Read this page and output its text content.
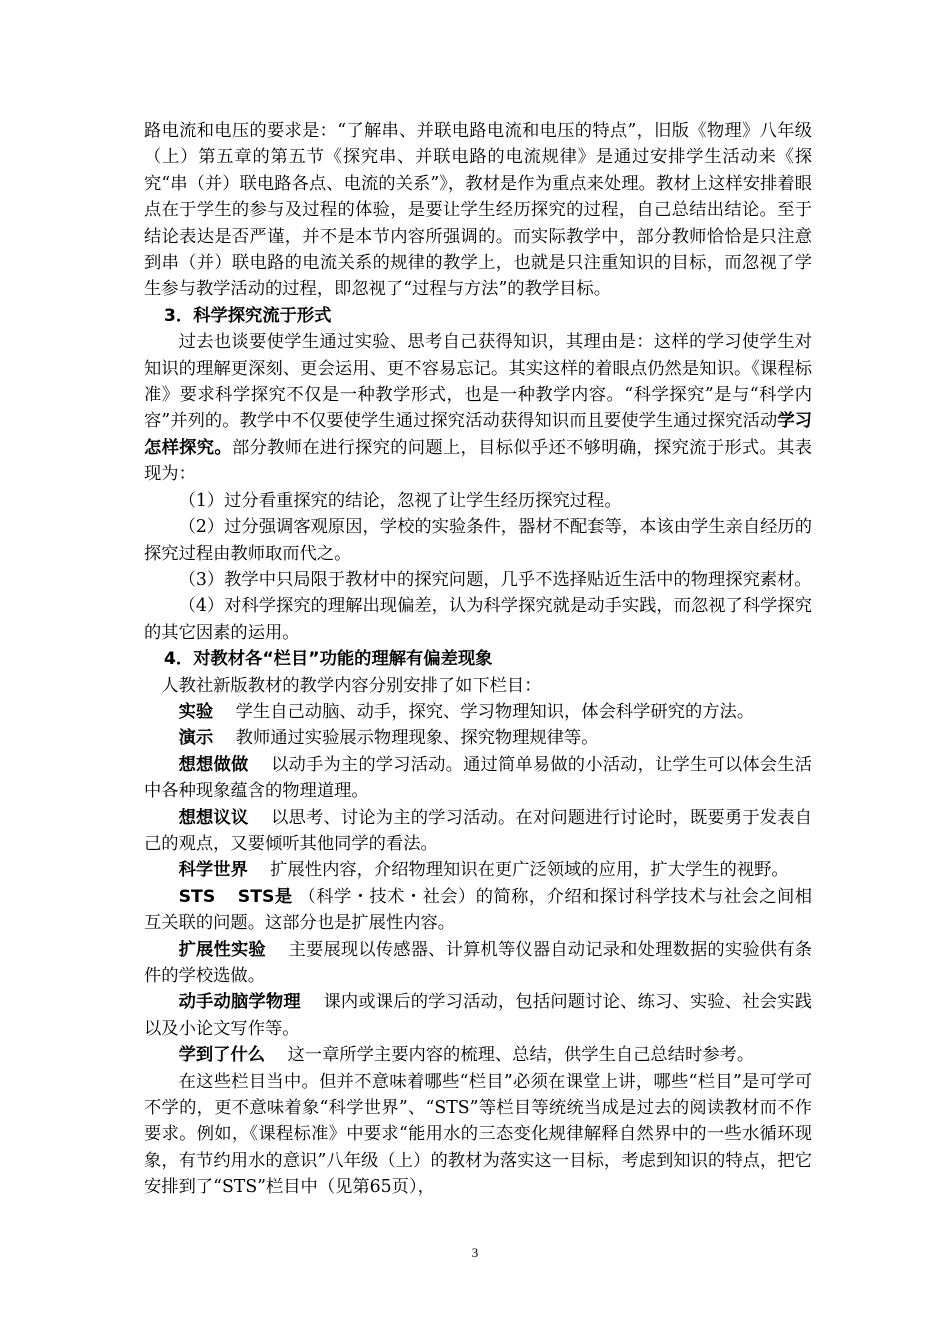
路电流和电压的要求是：“了解串、并联电路电流和电压的特点”，旧版《物理》八年级（上）第五章的第五节《探究串、并联电路的电流规律》是通过安排学生活动来《探究“串（并）联电路各点、电流的关系”》，教材是作为重点来处理。教材上这样安排着眼点在于学生的参与及过程的体验，是要让学生经历探究的过程，自己总结出结论。至于结论表达是否严谨，并不是本节内容所强调的。而实际教学中，部分教师恰恰是只注意到串（并）联电路的电流关系的规律的教学上，也就是只注重知识的目标，而忽视了学生参与教学活动的过程，即忽视了“过程与方法”的教学目标。

3．科学探究流于形式

过去也谈要使学生通过实验、思考自己获得知识，其理由是：这样的学习使学生对知识的理解更深刻、更会运用、更不容易忘记。其实这样的着眼点仍然是知识。《课程标准》要求科学探究不仅是一种教学形式，也是一种教学内容。“科学探究”是与“科学内容”并列的。教学中不仅要使学生通过探究活动获得知识而且要使学生通过探究活动学习怎样探究。部分教师在进行探究的问题上，目标似乎还不够明确，探究流于形式。其表现为：

（1）过分看重探究的结论，忽视了让学生经历探究过程。

（2）过分强调客观原因，学校的实验条件，器材不配套等，本该由学生亲自经历的探究过程由教师取而代之。

（3）教学中只局限于教材中的探究问题，几乎不选择贴近生活中的物理探究素材。

（4）对科学探究的理解出现偏差，认为科学探究就是动手实践，而忽视了科学探究的其它因素的运用。

4．对教材各“栏目”功能的理解有偏差现象

人教社新版教材的教学内容分别安排了如下栏目：

实验 学生自己动脑、动手，探究、学习物理知识，体会科学研究的方法。

演示 教师通过实验展示物理现象、探究物理规律等。

想想做做 以动手为主的学习活动。通过简单易做的小活动，让学生可以体会生活中各种现象蕴含的物理道理。

想想议议 以思考、讨论为主的学习活动。在对问题进行讨论时，既要勇于发表自己的观点，又要倾听其他同学的看法。

科学世界 扩展性内容，介绍物理知识在更广泛领域的应用，扩大学生的视野。

STS STS是 （科学・技术・社会）的简称，介绍和探讨科学技术与社会之间相互关联的问题。这部分也是扩展性内容。

扩展性实验 主要展现以传感器、计算机等仪器自动记录和处理数据的实验供有条件的学校选做。

动手动脑学物理 课内或课后的学习活动，包括问题讨论、练习、实验、社会实践以及小论文写作等。

学到了什么 这一章所学主要内容的梳理、总结，供学生自己总结时参考。

在这些栏目当中。但并不意味着哪些“栏目”必须在课堂上讲，哪些“栏目”是可学可不学的，更不意味着象“科学世界”、“STS”等栏目等统统当成是过去的阅读教材而不作要求。例如，《课程标准》中要求“能用水的三态变化规律解释自然界中的一些水循环现象，有节约用水的意识”八年级（上）的教材为落实这一目标，考虑到知识的特点，把它安排到了“STS”栏目中（见第65页），

3
